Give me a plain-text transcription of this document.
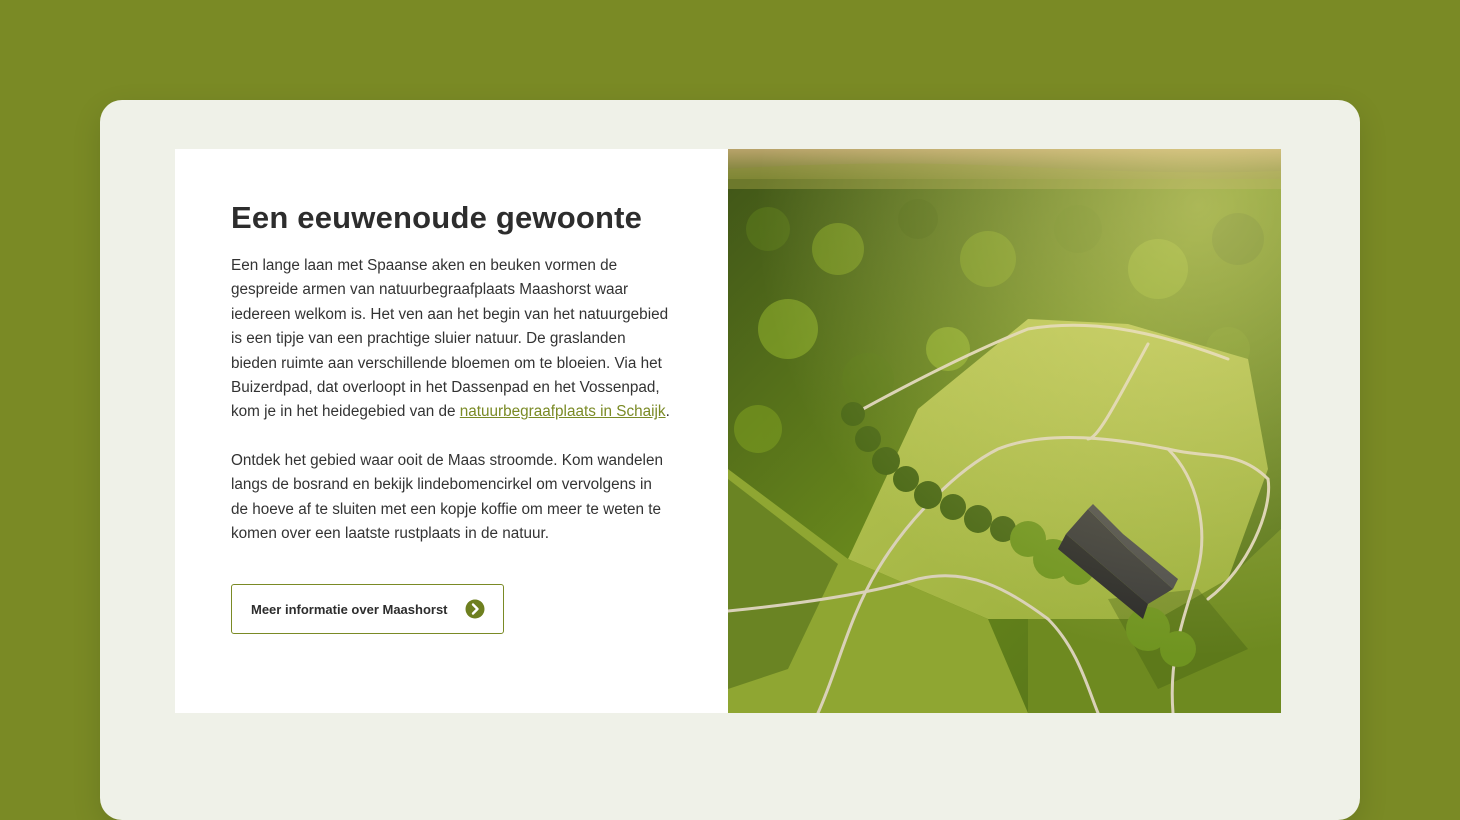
Een eeuwenoude gewoonte

Een lange laan met Spaanse aken en beuken vormen de gespreide armen van natuurbegraafplaats Maashorst waar iedereen welkom is. Het ven aan het begin van het natuurgebied is een tipje van een prachtige sluier natuur. De graslanden bieden ruimte aan verschillende bloemen om te bloeien. Via het Buizerdpad, dat overloopt in het Dassenpad en het Vossenpad, kom je in het heidegebied van de natuurbegraafplaats in Schaijk.

Ontdek het gebied waar ooit de Maas stroomde. Kom wandelen langs de bosrand en bekijk lindebomencirkel om vervolgens in de hoeve af te sluiten met een kopje koffie om meer te weten te komen over een laatste rustplaats in de natuur.

Meer informatie over Maashorst
